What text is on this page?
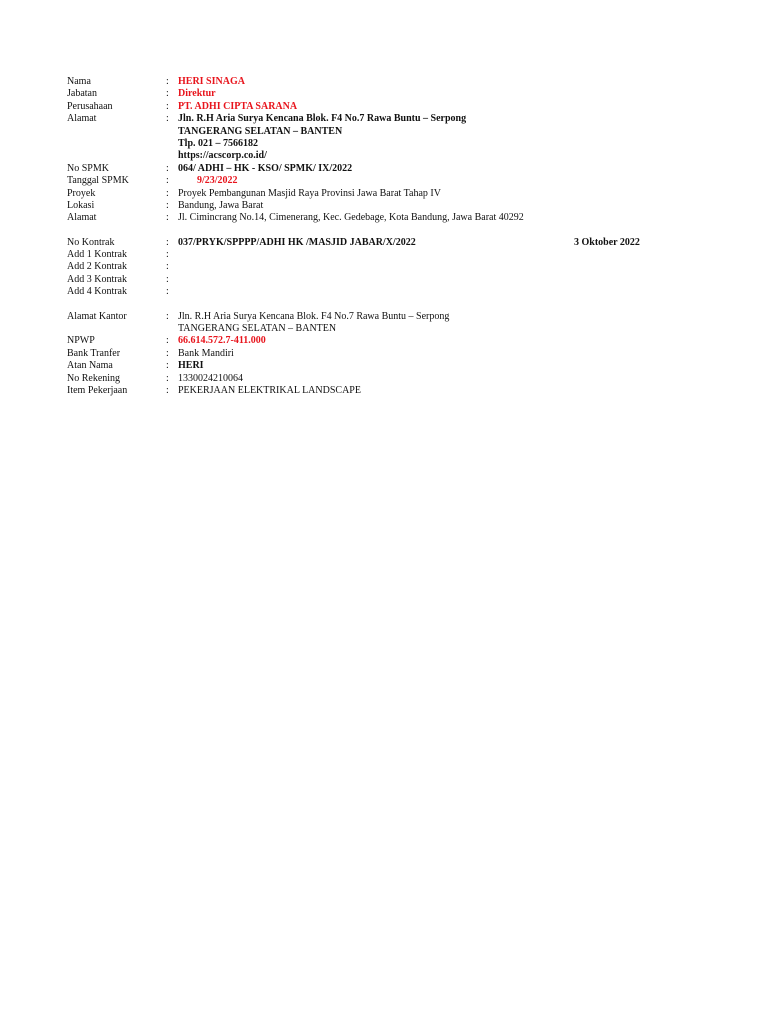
Nama	: HERI SINAGA
Jabatan	: Direktur
Perusahaan	: PT. ADHI CIPTA SARANA
Alamat	: Jln. R.H Aria Surya Kencana Blok. F4 No.7 Rawa Buntu – Serpong
TANGERANG SELATAN – BANTEN
Tlp. 021 – 7566182
https://acscorp.co.id/
No SPMK	: 064/ ADHI – HK - KSO/ SPMK/ IX/2022
Tanggal SPMK	:	9/23/2022
Proyek	: Proyek Pembangunan Masjid Raya Provinsi Jawa Barat Tahap IV
Lokasi	: Bandung, Jawa Barat
Alamat	: Jl. Cimincrang No.14, Cimenerang, Kec. Gedebage, Kota Bandung, Jawa Barat 40292
No Kontrak	: 037/PRYK/SPPPP/ADHI HK /MASJID JABAR/X/2022	3 Oktober 2022
Add 1 Kontrak	:
Add 2 Kontrak	:
Add 3 Kontrak	:
Add 4 Kontrak	:
Alamat Kantor	: Jln. R.H Aria Surya Kencana Blok. F4 No.7 Rawa Buntu – Serpong
TANGERANG SELATAN – BANTEN
NPWP	: 66.614.572.7-411.000
Bank Tranfer	: Bank Mandiri
Atan Nama	: HERI
No Rekening	: 1330024210064
Item Pekerjaan	: PEKERJAAN ELEKTRIKAL LANDSCAPE
